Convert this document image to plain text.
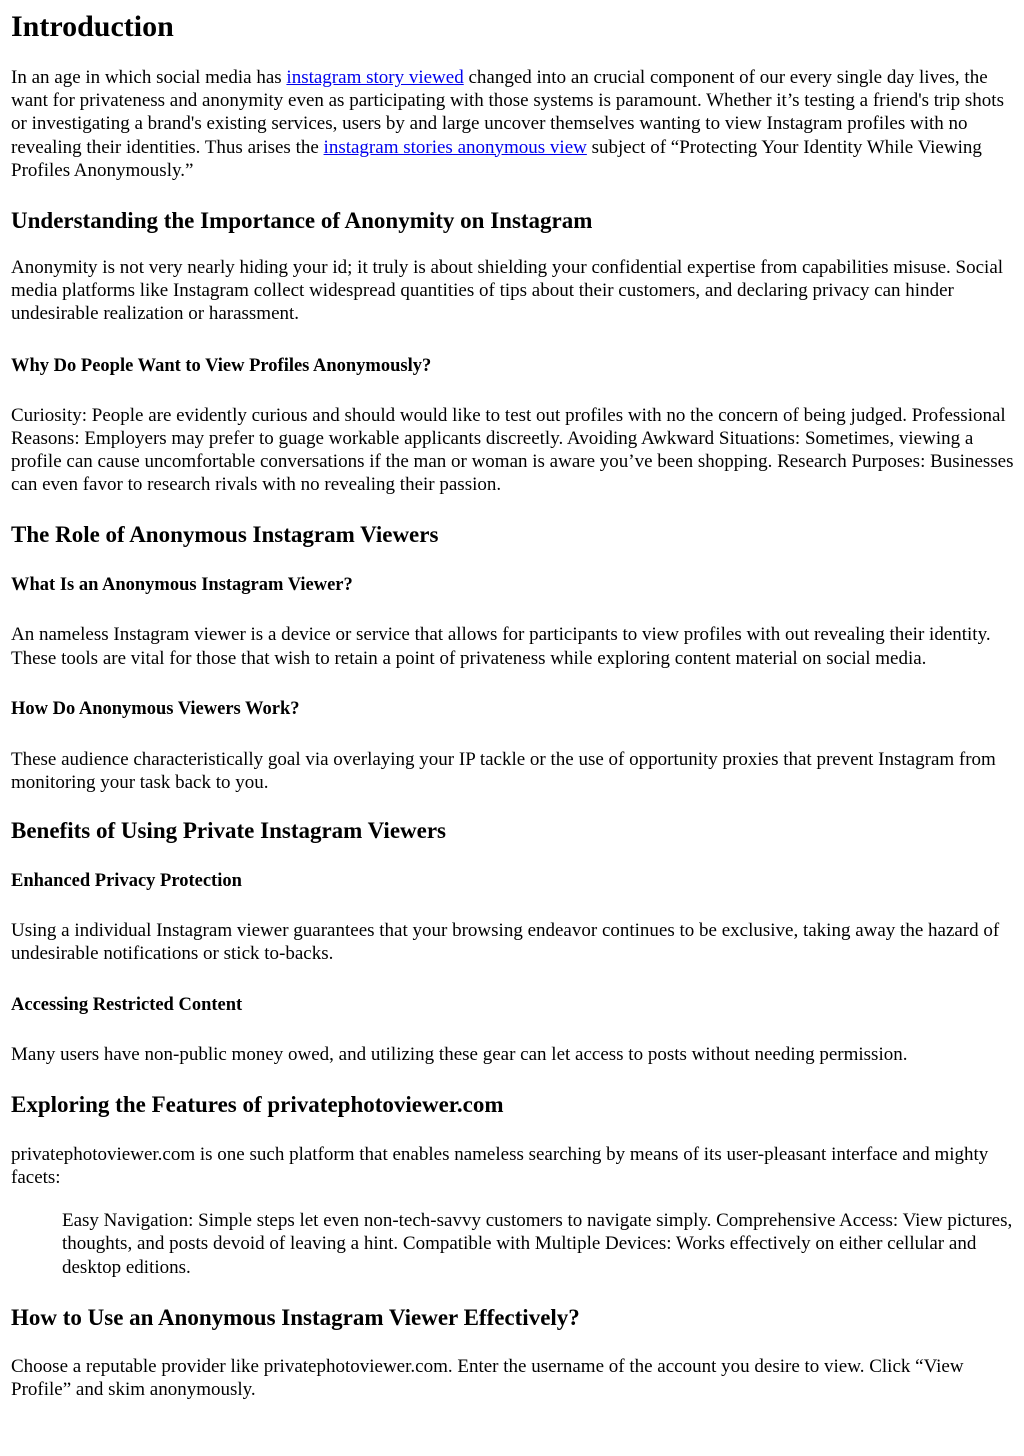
Introduction

In an age in which social media has instagram story viewed changed into an crucial component of our every single day lives, the want for privateness and anonymity even as participating with those systems is paramount. Whether it’s testing a friend's trip shots or investigating a brand's existing services, users by and large uncover themselves wanting to view Instagram profiles with no revealing their identities. Thus arises the instagram stories anonymous view subject of “Protecting Your Identity While Viewing Profiles Anonymously.”

Understanding the Importance of Anonymity on Instagram

Anonymity is not very nearly hiding your id; it truly is about shielding your confidential expertise from capabilities misuse. Social media platforms like Instagram collect widespread quantities of tips about their customers, and declaring privacy can hinder undesirable realization or harassment.

Why Do People Want to View Profiles Anonymously?

Curiosity: People are evidently curious and should would like to test out profiles with no the concern of being judged. Professional Reasons: Employers may prefer to guage workable applicants discreetly. Avoiding Awkward Situations: Sometimes, viewing a profile can cause uncomfortable conversations if the man or woman is aware you’ve been shopping. Research Purposes: Businesses can even favor to research rivals with no revealing their passion.

The Role of Anonymous Instagram Viewers
What Is an Anonymous Instagram Viewer?

An nameless Instagram viewer is a device or service that allows for participants to view profiles with out revealing their identity. These tools are vital for those that wish to retain a point of privateness while exploring content material on social media.

How Do Anonymous Viewers Work?

These audience characteristically goal via overlaying your IP tackle or the use of opportunity proxies that prevent Instagram from monitoring your task back to you.

Benefits of Using Private Instagram Viewers
Enhanced Privacy Protection

Using a individual Instagram viewer guarantees that your browsing endeavor continues to be exclusive, taking away the hazard of undesirable notifications or stick to-backs.

Accessing Restricted Content

Many users have non-public money owed, and utilizing these gear can let access to posts without needing permission.

Exploring the Features of privatephotoviewer.com

privatephotoviewer.com is one such platform that enables nameless searching by means of its user-pleasant interface and mighty facets:

Easy Navigation: Simple steps let even non-tech-savvy customers to navigate simply. Comprehensive Access: View pictures, thoughts, and posts devoid of leaving a hint. Compatible with Multiple Devices: Works effectively on either cellular and desktop editions.
How to Use an Anonymous Instagram Viewer Effectively?

Choose a reputable provider like privatephotoviewer.com. Enter the username of the account you desire to view. Click “View Profile” and skim anonymously.
